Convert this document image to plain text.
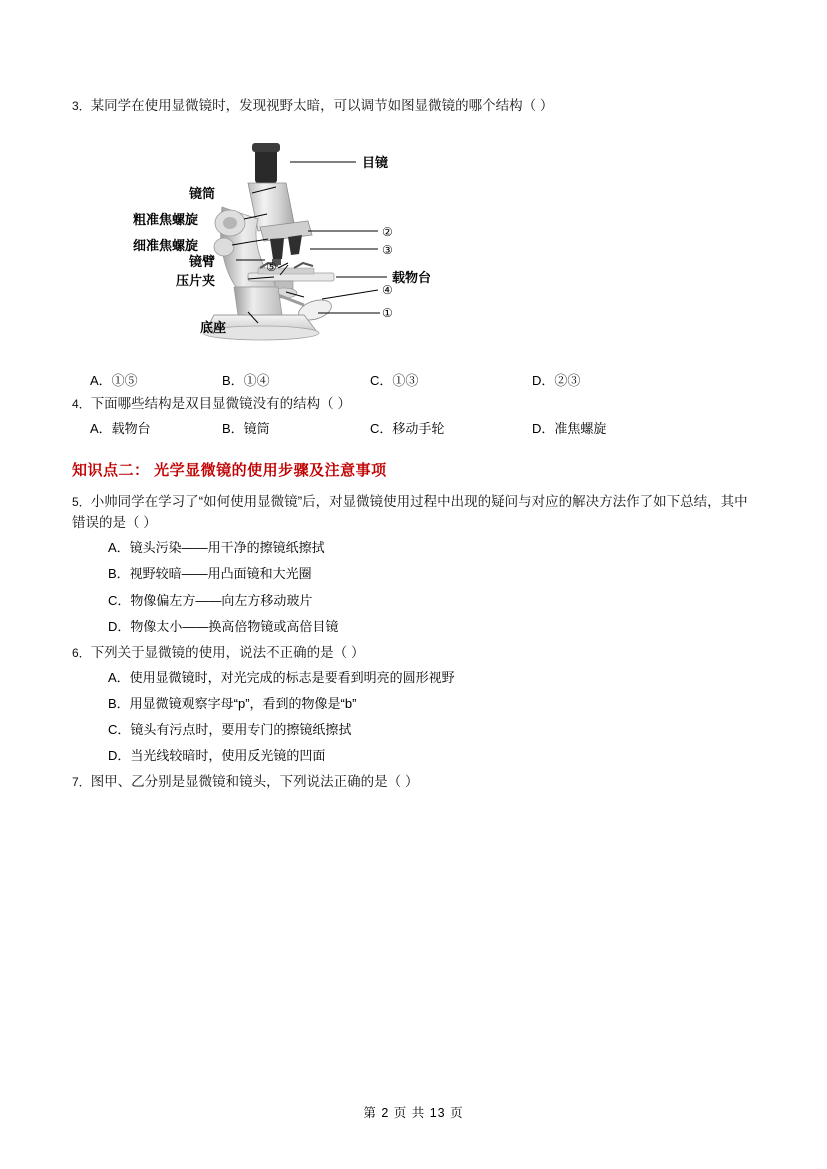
3．某同学在使用显微镜时，发现视野太暗，可以调节如图显微镜的哪个结构（ ）

目镜
镜筒
粗准焦螺旋
细准焦螺旋
镜臂
压片夹
底座
载物台
①
②
③
④
⑤
A．①⑤	B．①④	C．①③	D．②③

4．下面哪些结构是双目显微镜没有的结构（ ）

A．载物台	B．镜筒	C．移动手轮	D．准焦螺旋
知识点二： 光学显微镜的使用步骤及注意事项

5．小帅同学在学习了“如何使用显微镜”后，对显微镜使用过程中出现的疑问与对应的解决方法作了如下总结，其中错误的是（ ）

A．镜头污染——用干净的擦镜纸擦拭

B．视野较暗——用凸面镜和大光圈

C．物像偏左方——向左方移动玻片

D．物像太小——换高倍物镜或高倍目镜

6．下列关于显微镜的使用，说法不正确的是（ ）

A．使用显微镜时，对光完成的标志是要看到明亮的圆形视野

B．用显微镜观察字母“p”，看到的物像是“b”

C．镜头有污点时，要用专门的擦镜纸擦拭

D．当光线较暗时，使用反光镜的凹面

7．图甲、乙分别是显微镜和镜头，下列说法正确的是（ ）

第 2 页 共 13 页
